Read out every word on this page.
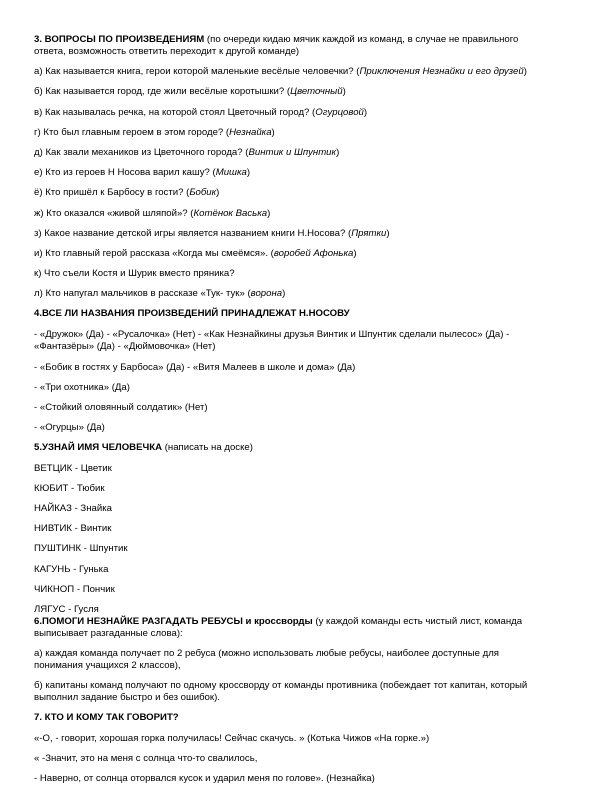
3. ВОПРОСЫ ПО ПРОИЗВЕДЕНИЯМ (по очереди кидаю мячик каждой из команд, в случае не правильного
ответа, возможность ответить переходит к другой команде)

а) Как называется книга, герои которой маленькие весёлые человечки? (Приключения Незнайки и его друзей)

б) Как называется город, где жили весёлые коротышки? (Цветочный)

в) Как называлась речка, на которой стоял Цветочный город? (Огурцовой)

г) Кто был главным героем в этом городе? (Незнайка)

д) Как звали механиков из Цветочного города? (Винтик и Шпунтик)

е) Кто из героев Н Носова варил кашу? (Мишка)

ё) Кто пришёл к Барбосу в гости? (Бобик)

ж) Кто оказался «живой шляпой»? (Котёнок Васька)

з) Какое название детской игры является названием книги Н.Носова? (Прятки)

и) Кто главный герой рассказа «Когда мы смеёмся». (воробей Афонька)

к) Что съели Костя и Шурик вместо пряника?

л) Кто напугал мальчиков в рассказе «Тук- тук» (ворона)

4.ВСЕ ЛИ НАЗВАНИЯ ПРОИЗВЕДЕНИЙ ПРИНАДЛЕЖАТ Н.НОСОВУ

- «Дружок» (Да) - «Русалочка» (Нет) - «Как Незнайкины друзья Винтик и Шпунтик сделали пылесос» (Да) -
«Фантазёры» (Да) - «Дюймовочка» (Нет)

- «Бобик в гостях у Барбоса» (Да) - «Витя Малеев в школе и дома» (Да)

- «Три охотника» (Да)

- «Стойкий оловянный солдатик» (Нет)

- «Огурцы» (Да)

5.УЗНАЙ ИМЯ ЧЕЛОВЕЧКА (написать на доске)

ВЕТЦИК - Цветик

КЮБИТ - Тюбик

НАЙКАЗ - Знайка

НИВТИК - Винтик

ПУШТИНК - Шпунтик

КАГУНЬ - Гунька

ЧИКНОП - Пончик

ЛЯГУС - Гусля

6.ПОМОГИ НЕЗНАЙКЕ РАЗГАДАТЬ РЕБУСЫ и кроссворды (у каждой команды есть чистый лист, команда
выписывает разгаданные слова):

а) каждая команда получает по 2 ребуса (можно использовать любые ребусы, наиболее доступные для
понимания учащихся 2 классов),

б) капитаны команд получают по одному кроссворду от команды противника (побеждает тот капитан, который
выполнил задание быстро и без ошибок).

7. КТО И КОМУ ТАК ГОВОРИТ?

«-О, - говорит, хорошая горка получилась! Сейчас скачусь. » (Котька Чижов «На горке.»)

« -Значит, это на меня с солнца что-то свалилось,

- Наверно, от солнца оторвался кусок и ударил меня по голове». (Незнайка)
